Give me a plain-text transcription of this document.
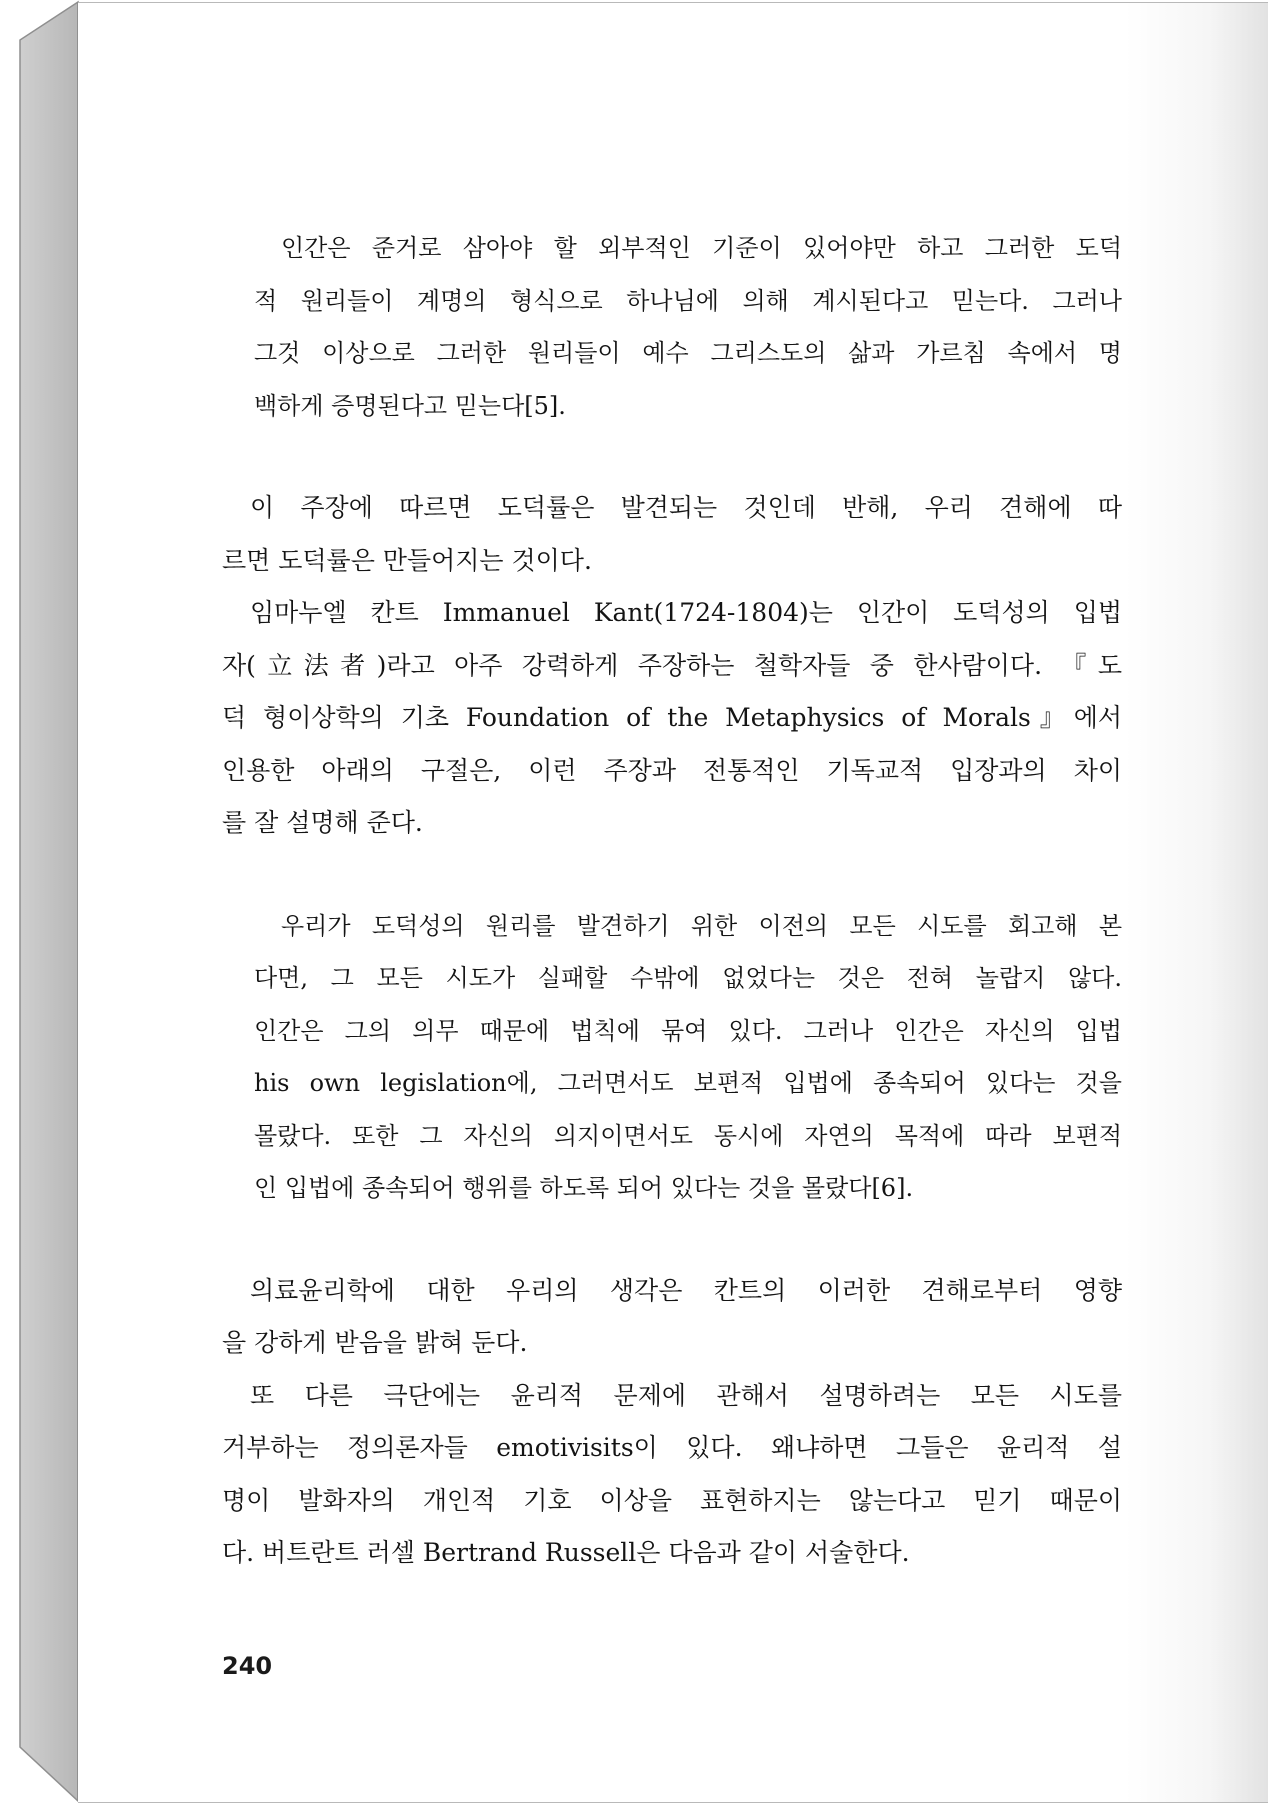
인간은 준거로 삼아야 할 외부적인 기준이 있어야만 하고 그러한 도덕
적 원리들이 계명의 형식으로 하나님에 의해 계시된다고 믿는다. 그러나
그것 이상으로 그러한 원리들이 예수 그리스도의 삶과 가르침 속에서 명
백하게 증명된다고 믿는다[5].
이 주장에 따르면 도덕률은 발견되는 것인데 반해, 우리 견해에 따
르면 도덕률은 만들어지는 것이다.
임마누엘 칸트 Immanuel Kant(1724-1804)는 인간이 도덕성의 입법
자(立法者)라고 아주 강력하게 주장하는 철학자들 중 한사람이다. 『도
덕 형이상학의 기초 Foundation of the Metaphysics of Morals』에서
인용한 아래의 구절은, 이런 주장과 전통적인 기독교적 입장과의 차이
를 잘 설명해 준다.
우리가 도덕성의 원리를 발견하기 위한 이전의 모든 시도를 회고해 본
다면, 그 모든 시도가 실패할 수밖에 없었다는 것은 전혀 놀랍지 않다.
인간은 그의 의무 때문에 법칙에 묶여 있다. 그러나 인간은 자신의 입법
his own legislation에, 그러면서도 보편적 입법에 종속되어 있다는 것을
몰랐다. 또한 그 자신의 의지이면서도 동시에 자연의 목적에 따라 보편적
인 입법에 종속되어 행위를 하도록 되어 있다는 것을 몰랐다[6].
의료윤리학에 대한 우리의 생각은 칸트의 이러한 견해로부터 영향
을 강하게 받음을 밝혀 둔다.
또 다른 극단에는 윤리적 문제에 관해서 설명하려는 모든 시도를
거부하는 정의론자들 emotivisits이 있다. 왜냐하면 그들은 윤리적 설
명이 발화자의 개인적 기호 이상을 표현하지는 않는다고 믿기 때문이
다. 버트란트 러셀 Bertrand Russell은 다음과 같이 서술한다.
240
